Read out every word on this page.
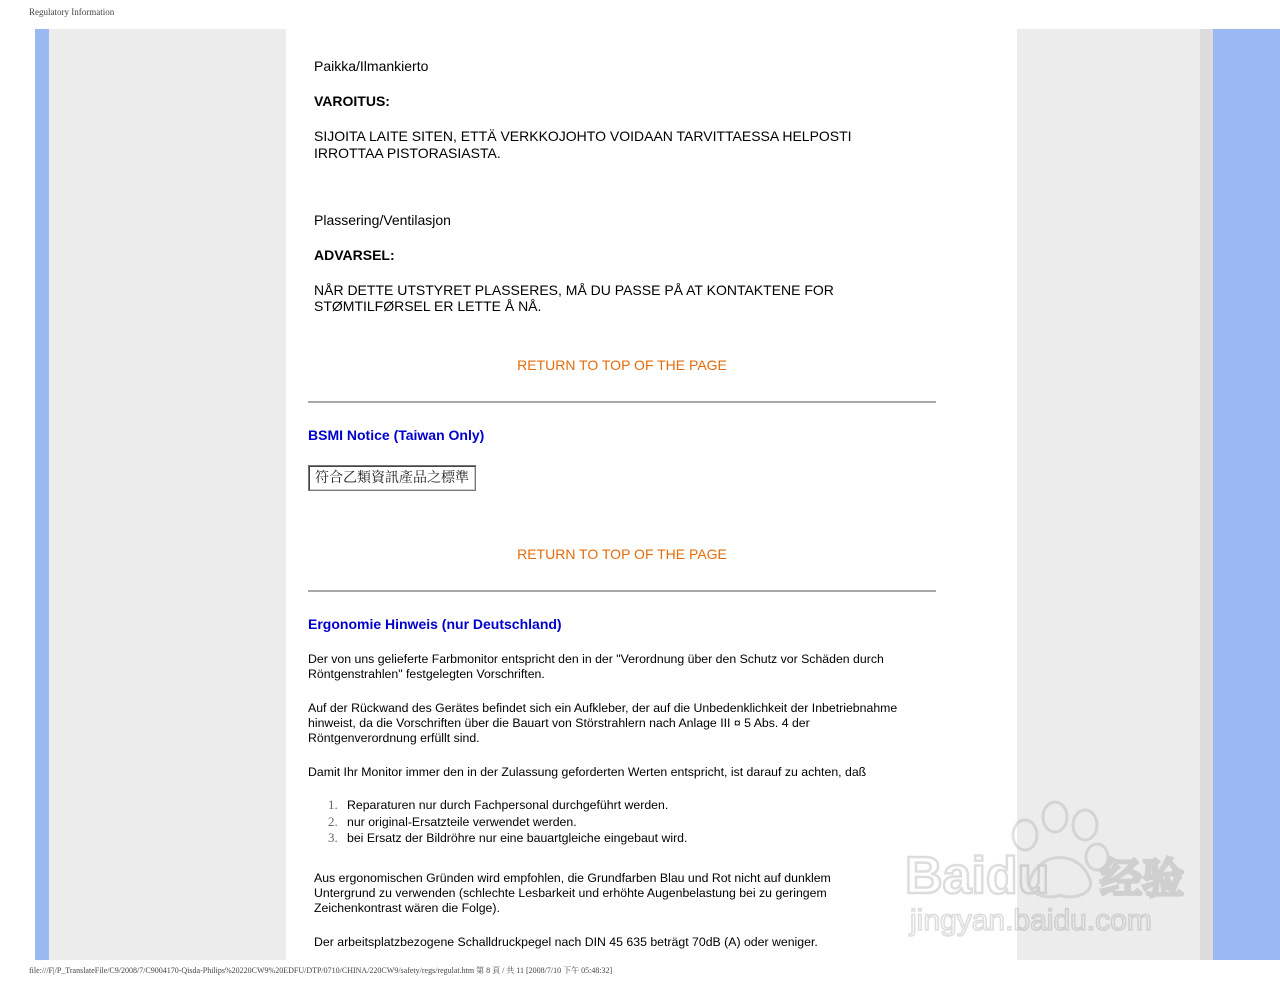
Regulatory Information
Paikka/Ilmankierto
VAROITUS:
SIJOITA LAITE SITEN, ETTÄ VERKKOJOHTO VOIDAAN TARVITTAESSA HELPOSTI
IRROTTAA PISTORASIASTA.
Plassering/Ventilasjon
ADVARSEL:
NÅR DETTE UTSTYRET PLASSERES, MÅ DU PASSE PÅ AT KONTAKTENE FOR
STØMTILFØRSEL ER LETTE Å NÅ.
RETURN TO TOP OF THE PAGE
BSMI Notice (Taiwan Only)
符合乙類資訊產品之標準
RETURN TO TOP OF THE PAGE
Ergonomie Hinweis (nur Deutschland)
Der von uns gelieferte Farbmonitor entspricht den in der "Verordnung über den Schutz vor Schäden durch
Röntgenstrahlen" festgelegten Vorschriften.
Auf der Rückwand des Gerätes befindet sich ein Aufkleber, der auf die Unbedenklichkeit der Inbetriebnahme
hinweist, da die Vorschriften über die Bauart von Störstrahlern nach Anlage III ¤ 5 Abs. 4 der
Röntgenverordnung erfüllt sind.
Damit Ihr Monitor immer den in der Zulassung geforderten Werten entspricht, ist darauf zu achten, daß
1. Reparaturen nur durch Fachpersonal durchgeführt werden.
2. nur original-Ersatzteile verwendet werden.
3. bei Ersatz der Bildröhre nur eine bauartgleiche eingebaut wird.
Aus ergonomischen Gründen wird empfohlen, die Grundfarben Blau und Rot nicht auf dunklem
Untergrund zu verwenden (schlechte Lesbarkeit und erhöhte Augenbelastung bei zu geringem
Zeichenkontrast wären die Folge).
Der arbeitsplatzbezogene Schalldruckpegel nach DIN 45 635 beträgt 70dB (A) oder weniger.
Baidu 经验
jingyan.baidu.com
file:///F|/P_TranslateFile/C9/2008/7/C9004170-Qisda-Philips%20220CW9%20EDFU/DTP/0710/CHINA/220CW9/safety/regs/regulat.htm 第 8 頁 / 共 11 [2008/7/10 下午 05:48:32]
